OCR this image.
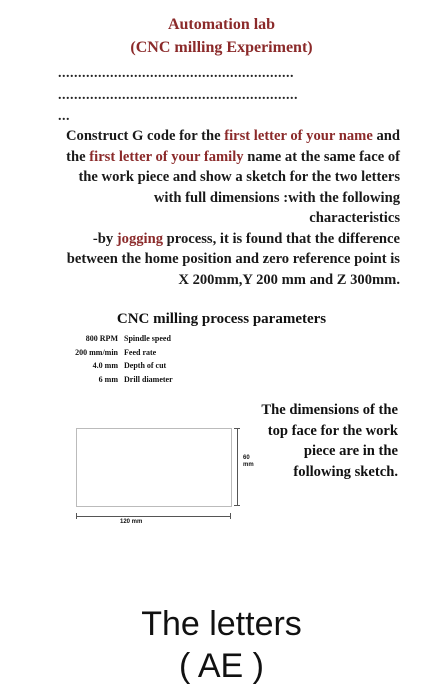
Automation lab
(CNC milling Experiment)
...........................................................
............................................................
...
Construct G code for the first letter of your name and the first letter of your family name at the same face of the work piece and show a sketch for the two letters with full dimensions :with the following characteristics
-by jogging process, it is found that the difference between the home position and zero reference point is X 200mm,Y 200 mm and Z 300mm.
CNC milling process parameters
800 RPM Spindle speed
200 mm/min Feed rate
4.0 mm Depth of cut
6 mm Drill diameter
60
mm
120 mm
The dimensions of the top face for the work piece are in the following sketch.
The letters
( AE )
